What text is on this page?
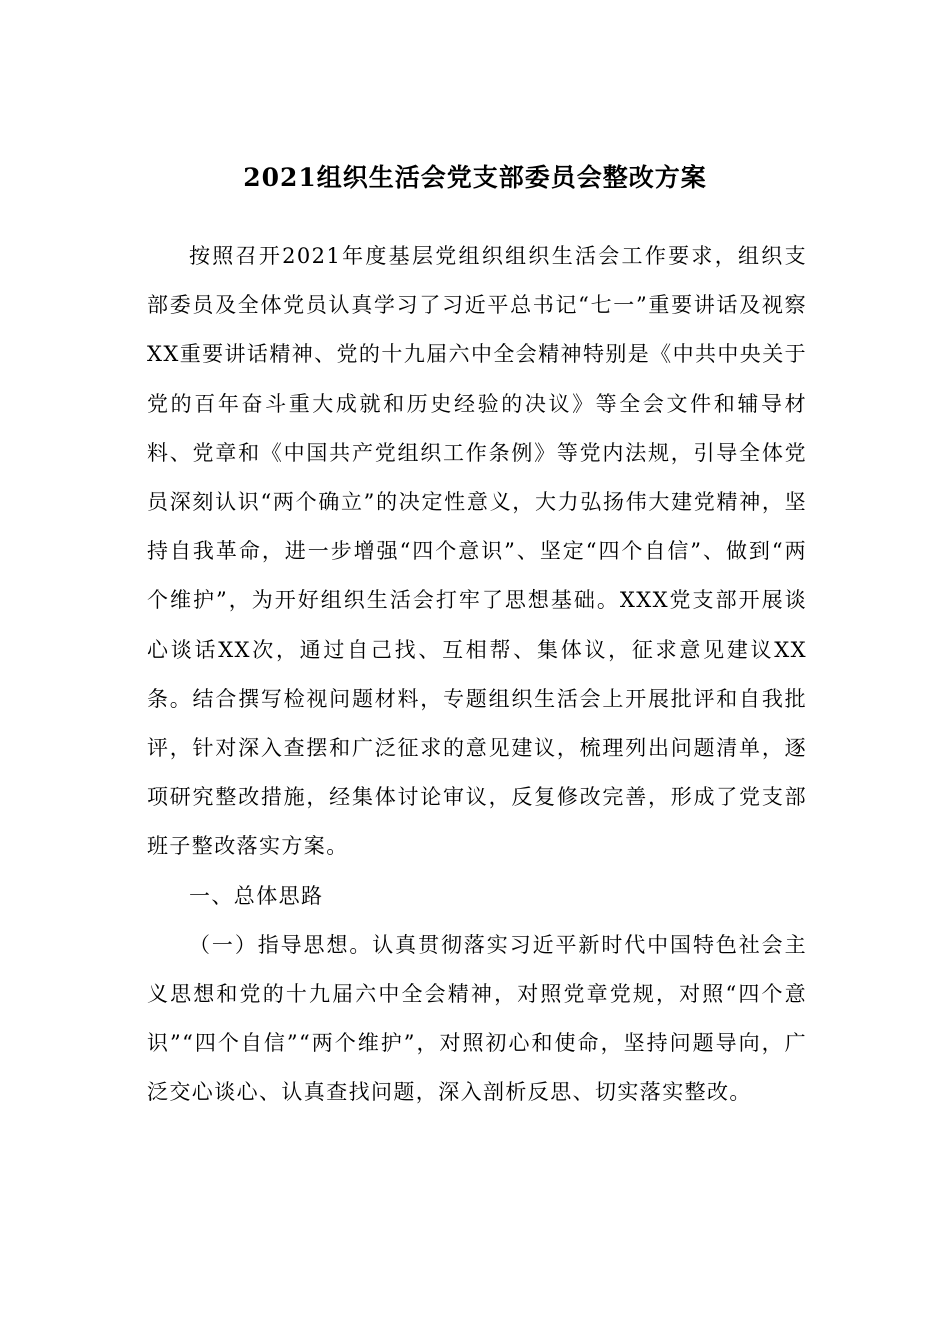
2021组织生活会党支部委员会整改方案

按照召开2021年度基层党组织组织生活会工作要求，组织支部委员及全体党员认真学习了习近平总书记“七一”重要讲话及视察XX重要讲话精神、党的十九届六中全会精神特别是《中共中央关于党的百年奋斗重大成就和历史经验的决议》等全会文件和辅导材料、党章和《中国共产党组织工作条例》等党内法规，引导全体党员深刻认识“两个确立”的决定性意义，大力弘扬伟大建党精神，坚持自我革命，进一步增强“四个意识”、坚定“四个自信”、做到“两个维护”，为开好组织生活会打牢了思想基础。XXX党支部开展谈心谈话XX次，通过自己找、互相帮、集体议，征求意见建议XX条。结合撰写检视问题材料，专题组织生活会上开展批评和自我批评，针对深入查摆和广泛征求的意见建议，梳理列出问题清单，逐项研究整改措施，经集体讨论审议，反复修改完善，形成了党支部班子整改落实方案。

一、总体思路

（一）指导思想。认真贯彻落实习近平新时代中国特色社会主义思想和党的十九届六中全会精神，对照党章党规，对照“四个意识”“四个自信”“两个维护”，对照初心和使命，坚持问题导向，广泛交心谈心、认真查找问题，深入剖析反思、切实落实整改。
